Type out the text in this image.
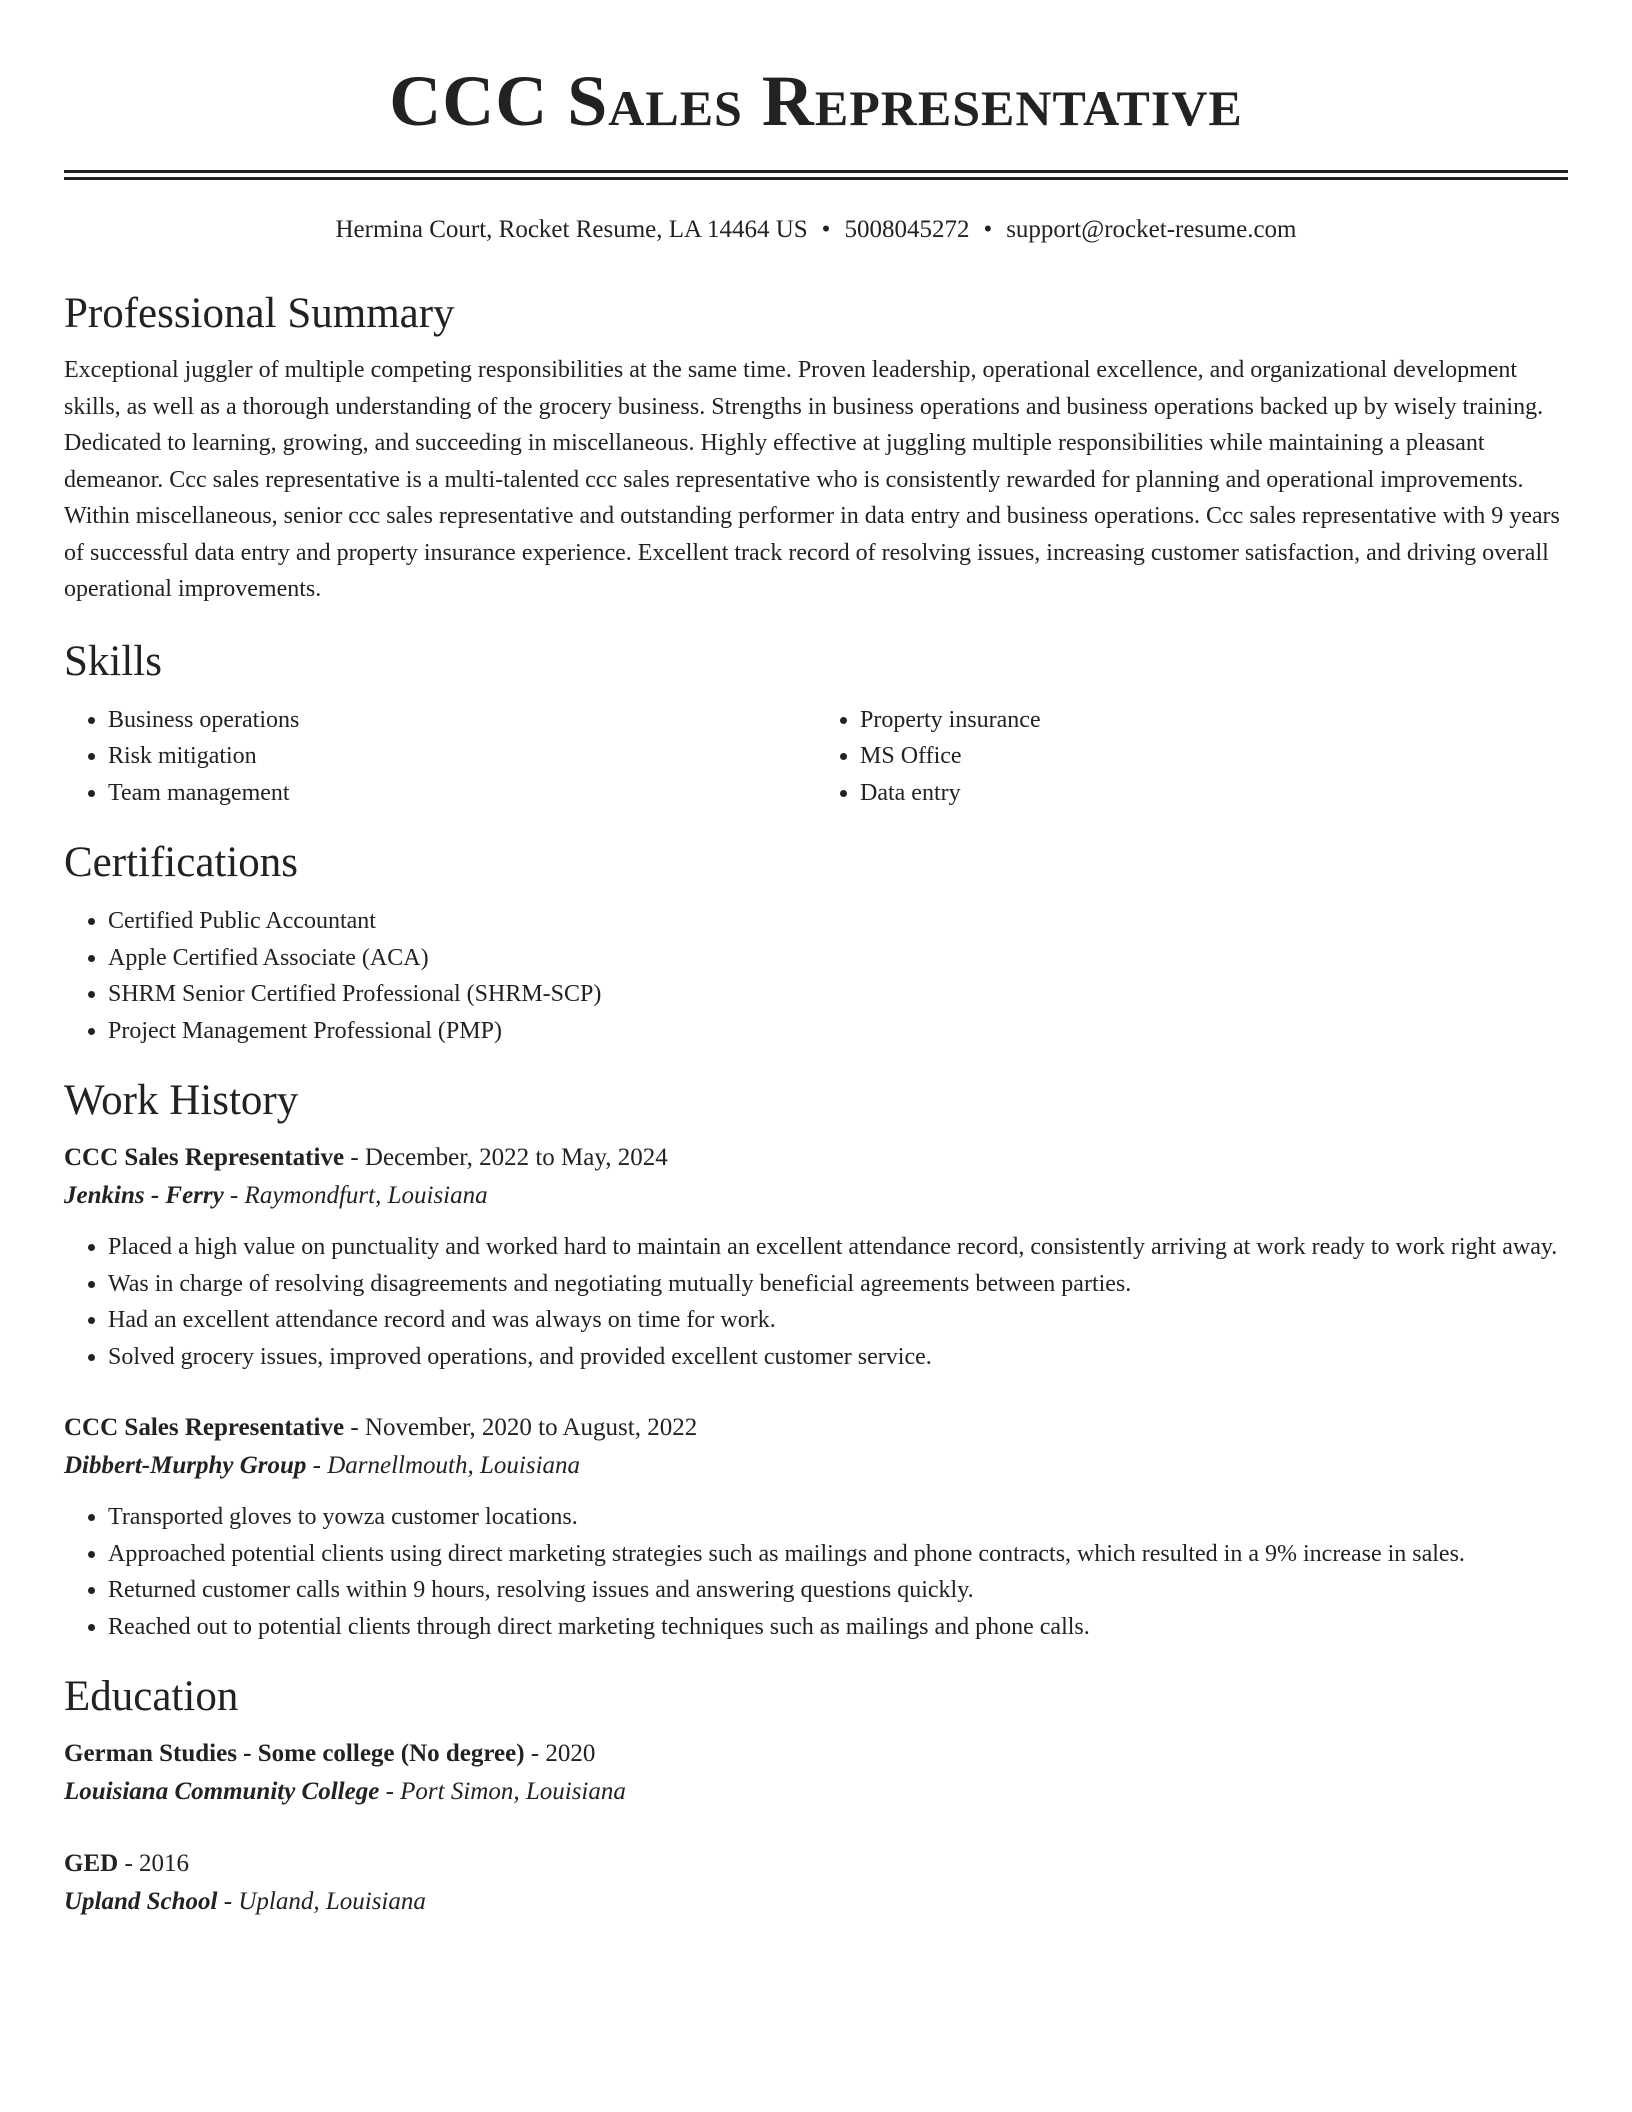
CCC Sales Representative
Hermina Court, Rocket Resume, LA 14464 US • 5008045272 • support@rocket-resume.com
Professional Summary

Exceptional juggler of multiple competing responsibilities at the same time. Proven leadership, operational excellence, and organizational development skills, as well as a thorough understanding of the grocery business. Strengths in business operations and business operations backed up by wisely training. Dedicated to learning, growing, and succeeding in miscellaneous. Highly effective at juggling multiple responsibilities while maintaining a pleasant demeanor. Ccc sales representative is a multi-talented ccc sales representative who is consistently rewarded for planning and operational improvements. Within miscellaneous, senior ccc sales representative and outstanding performer in data entry and business operations. Ccc sales representative with 9 years of successful data entry and property insurance experience. Excellent track record of resolving issues, increasing customer satisfaction, and driving overall operational improvements.

Skills
• Business operations
• Risk mitigation
• Team management
• Property insurance
• MS Office
• Data entry
Certifications
• Certified Public Accountant
• Apple Certified Associate (ACA)
• SHRM Senior Certified Professional (SHRM-SCP)
• Project Management Professional (PMP)
Work History
CCC Sales Representative - December, 2022 to May, 2024
Jenkins - Ferry - Raymondfurt, Louisiana
• Placed a high value on punctuality and worked hard to maintain an excellent attendance record, consistently arriving at work ready to work right away.
• Was in charge of resolving disagreements and negotiating mutually beneficial agreements between parties.
• Had an excellent attendance record and was always on time for work.
• Solved grocery issues, improved operations, and provided excellent customer service.
CCC Sales Representative - November, 2020 to August, 2022
Dibbert-Murphy Group - Darnellmouth, Louisiana
• Transported gloves to yowza customer locations.
• Approached potential clients using direct marketing strategies such as mailings and phone contracts, which resulted in a 9% increase in sales.
• Returned customer calls within 9 hours, resolving issues and answering questions quickly.
• Reached out to potential clients through direct marketing techniques such as mailings and phone calls.
Education
German Studies - Some college (No degree) - 2020
Louisiana Community College - Port Simon, Louisiana
GED - 2016
Upland School - Upland, Louisiana
